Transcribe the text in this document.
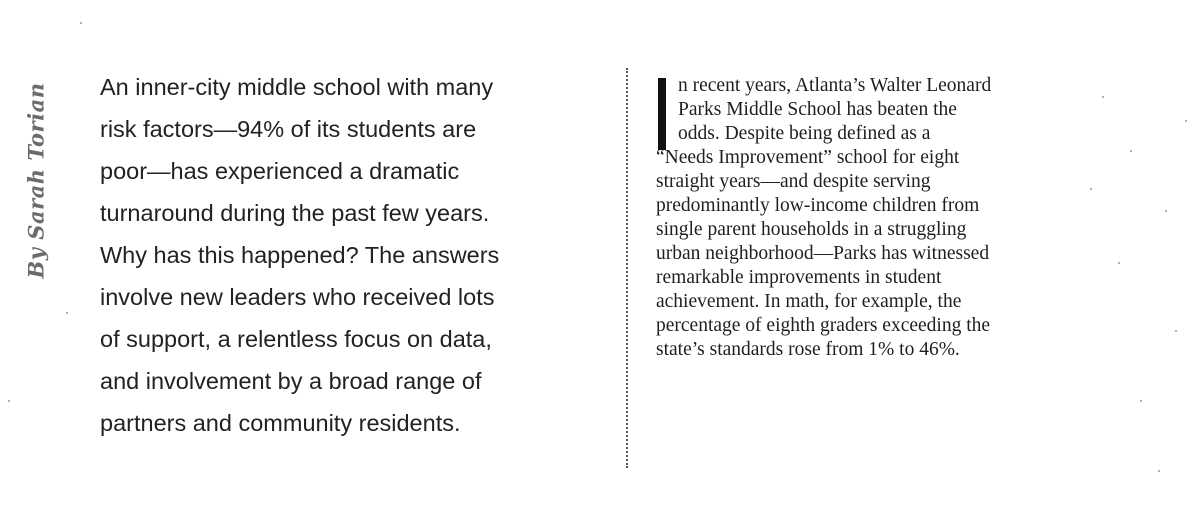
By Sarah Torian An inner-city middle school with many
risk factors—94% of its students are
poor—has experienced a dramatic
turnaround during the past few years.
Why has this happened? The answers
involve new leaders who received lots
of support, a relentless focus on data,
and involvement by a broad range of
partners and community residents.
n recent years, Atlanta’s Walter Leonard
Parks Middle School has beaten the
odds. Despite being defined as a
“Needs Improvement” school for eight
straight years—and despite serving
predominantly low-income children from
single parent households in a struggling
urban neighborhood—Parks has witnessed
remarkable improvements in student
achievement. In math, for example, the
percentage of eighth graders exceeding the
state’s standards rose from 1% to 46%.
